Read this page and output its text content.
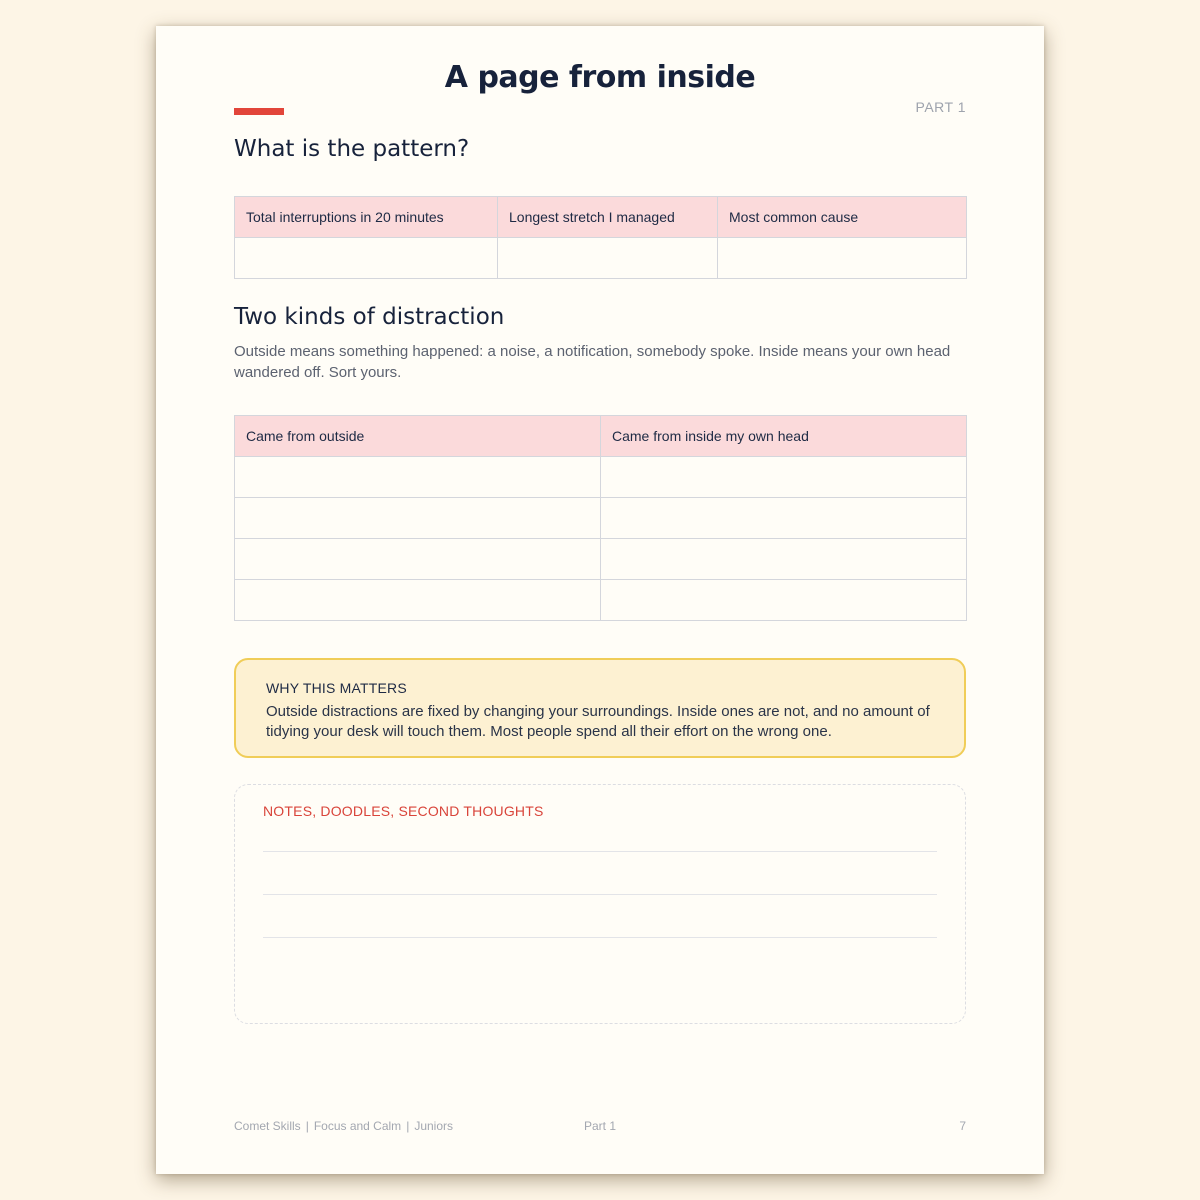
A page from inside
PART 1
What is the pattern?
Total interruptions in 20 minutes	Longest stretch I managed	Most common cause

Two kinds of distraction

Outside means something happened: a noise, a notification, somebody spoke. Inside means your own head wandered off. Sort yours.

Came from outside	Came from inside my own head

WHY THIS MATTERS
Outside distractions are fixed by changing your surroundings. Inside ones are not, and no amount of tidying your desk will touch them. Most people spend all their effort on the wrong one.
NOTES, DOODLES, SECOND THOUGHTS
Comet Skills | Focus and Calm | Juniors	Part 1	7
